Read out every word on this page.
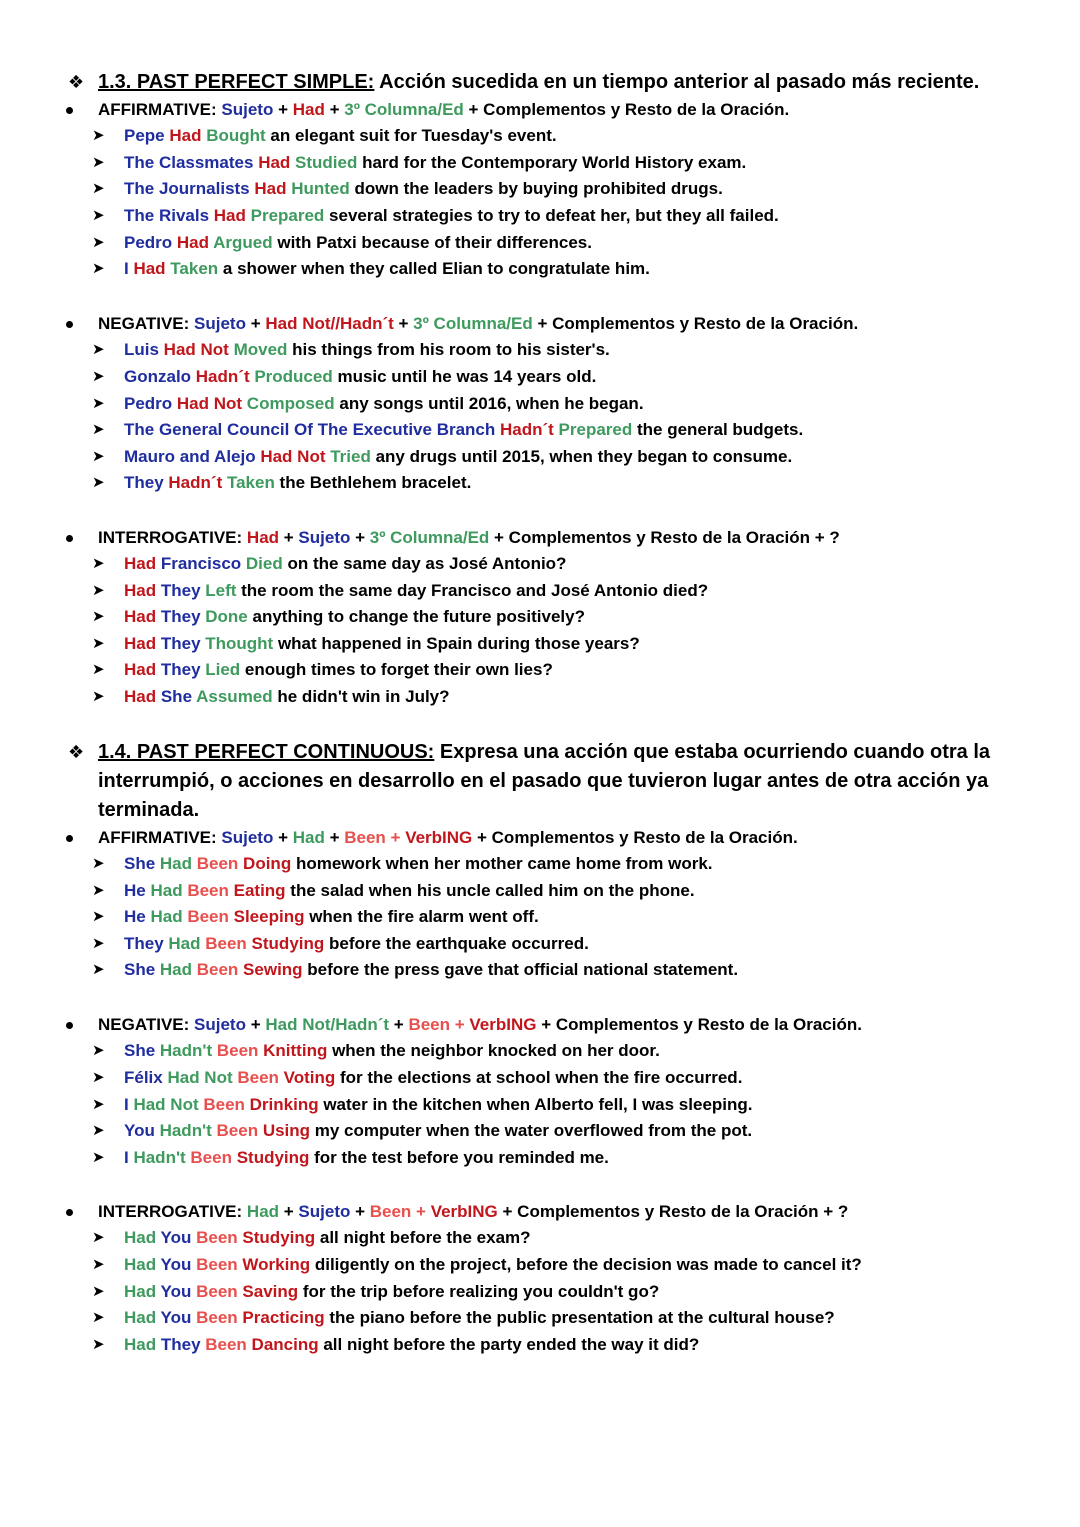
❖ 1.3. PAST PERFECT SIMPLE: Acción sucedida en un tiempo anterior al pasado más reciente.
AFFIRMATIVE: Sujeto + Had + 3º Columna/Ed + Complementos y Resto de la Oración.
➤ Pepe Had Bought an elegant suit for Tuesday's event.
➤ The Classmates Had Studied hard for the Contemporary World History exam.
➤ The Journalists Had Hunted down the leaders by buying prohibited drugs.
➤ The Rivals Had Prepared several strategies to try to defeat her, but they all failed.
➤ Pedro Had Argued with Patxi because of their differences.
➤ I Had Taken a shower when they called Elian to congratulate him.
NEGATIVE: Sujeto + Had Not//Hadn´t + 3º Columna/Ed + Complementos y Resto de la Oración.
➤ Luis Had Not Moved his things from his room to his sister's.
➤ Gonzalo Hadn´t Produced music until he was 14 years old.
➤ Pedro Had Not Composed any songs until 2016, when he began.
➤ The General Council Of The Executive Branch Hadn´t Prepared the general budgets.
➤ Mauro and Alejo Had Not Tried any drugs until 2015, when they began to consume.
➤ They Hadn´t Taken the Bethlehem bracelet.
INTERROGATIVE: Had + Sujeto + 3º Columna/Ed + Complementos y Resto de la Oración + ?
➤ Had Francisco Died on the same day as José Antonio?
➤ Had They Left the room the same day Francisco and José Antonio died?
➤ Had They Done anything to change the future positively?
➤ Had They Thought what happened in Spain during those years?
➤ Had They Lied enough times to forget their own lies?
➤ Had She Assumed he didn't win in July?
❖ 1.4. PAST PERFECT CONTINUOUS: Expresa una acción que estaba ocurriendo cuando otra la
interrumpió, o acciones en desarrollo en el pasado que tuvieron lugar antes de otra acción ya
terminada.
AFFIRMATIVE: Sujeto + Had + Been + VerbING + Complementos y Resto de la Oración.
➤ She Had Been Doing homework when her mother came home from work.
➤ He Had Been Eating the salad when his uncle called him on the phone.
➤ He Had Been Sleeping when the fire alarm went off.
➤ They Had Been Studying before the earthquake occurred.
➤ She Had Been Sewing before the press gave that official national statement.
NEGATIVE: Sujeto + Had Not/Hadn´t + Been + VerbING + Complementos y Resto de la Oración.
➤ She Hadn't Been Knitting when the neighbor knocked on her door.
➤ Félix Had Not Been Voting for the elections at school when the fire occurred.
➤ I Had Not Been Drinking water in the kitchen when Alberto fell, I was sleeping.
➤ You Hadn't Been Using my computer when the water overflowed from the pot.
➤ I Hadn't Been Studying for the test before you reminded me.
INTERROGATIVE: Had + Sujeto + Been + VerbING + Complementos y Resto de la Oración + ?
➤ Had You Been Studying all night before the exam?
➤ Had You Been Working diligently on the project, before the decision was made to cancel it?
➤ Had You Been Saving for the trip before realizing you couldn't go?
➤ Had You Been Practicing the piano before the public presentation at the cultural house?
➤ Had They Been Dancing all night before the party ended the way it did?
